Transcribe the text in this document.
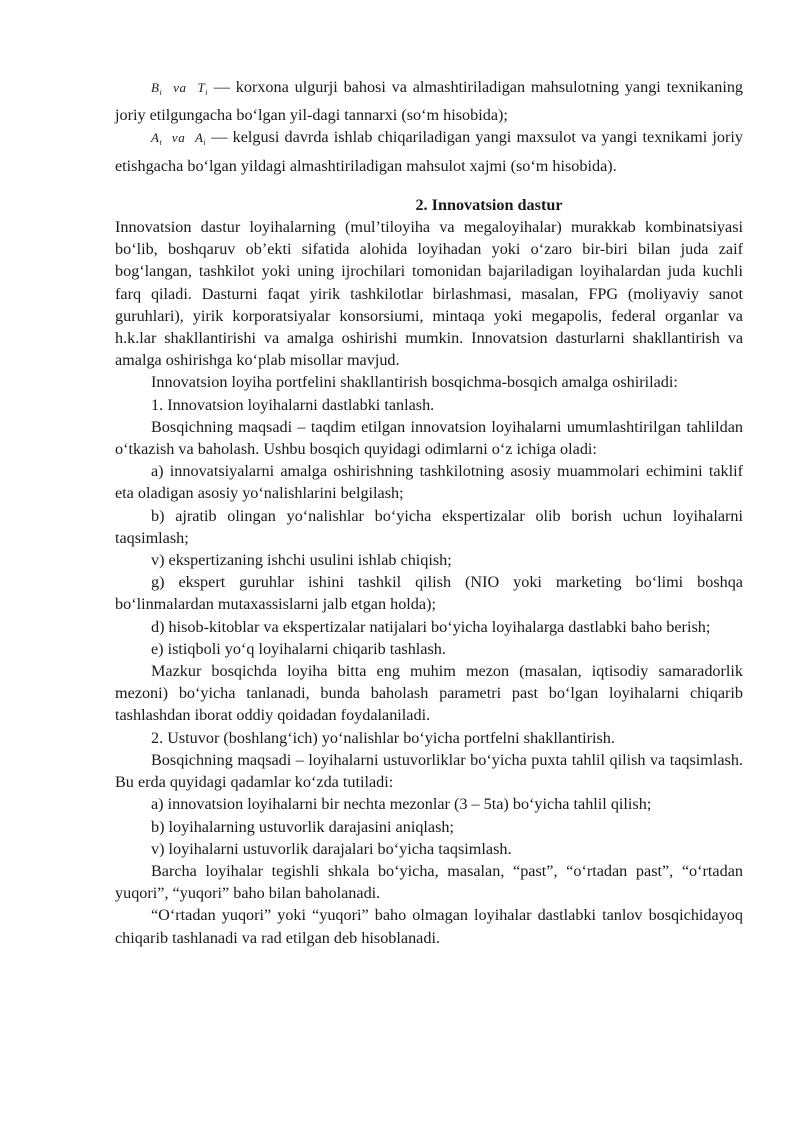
$B_i$ va $T_i$ — korxona ulgurji bahosi va almashtiriladigan mahsulotning yangi texnikaning joriy etilgungacha bo‘lgan yil-dagi tannarxi (so‘m hisobida);

$A_t$ va $A_i$ — kelgusi davrda ishlab chiqariladigan yangi maxsulot va yangi texnikami joriy etishgacha bo‘lgan yildagi almashtiriladigan mahsulot xajmi (so‘m hisobida).

2. Innovatsion dastur

Innovatsion dastur loyihalarning (mul’tiloyiha va megaloyihalar) murakkab kombinatsiyasi bo‘lib, boshqaruv ob’ekti sifatida alohida loyihadan yoki o‘zaro bir-biri bilan juda zaif bog‘langan, tashkilot yoki uning ijrochilari tomonidan bajariladigan loyihalardan juda kuchli farq qiladi. Dasturni faqat yirik tashkilotlar birlashmasi, masalan, FPG (moliyaviy sanot guruhlari), yirik korporatsiyalar konsorsiumi, mintaqa yoki megapolis, federal organlar va h.k.lar shakllantirishi va amalga oshirishi mumkin. Innovatsion dasturlarni shakllantirish va amalga oshirishga ko‘plab misollar mavjud.

Innovatsion loyiha portfelini shakllantirish bosqichma-bosqich amalga oshiriladi:

1. Innovatsion loyihalarni dastlabki tanlash.

Bosqichning maqsadi – taqdim etilgan innovatsion loyihalarni umumlashtirilgan tahlildan o‘tkazish va baholash. Ushbu bosqich quyidagi odimlarni o‘z ichiga oladi:

a) innovatsiyalarni amalga oshirishning tashkilotning asosiy muammolari echimini taklif eta oladigan asosiy yo‘nalishlarini belgilash;

b) ajratib olingan yo‘nalishlar bo‘yicha ekspertizalar olib borish uchun loyihalarni taqsimlash;

v) ekspertizaning ishchi usulini ishlab chiqish;

g) ekspert guruhlar ishini tashkil qilish (NIO yoki marketing bo‘limi boshqa bo‘linmalardan mutaxassislarni jalb etgan holda);

d) hisob-kitoblar va ekspertizalar natijalari bo‘yicha loyihalarga dastlabki baho berish;

e) istiqboli yo‘q loyihalarni chiqarib tashlash.

Mazkur bosqichda loyiha bitta eng muhim mezon (masalan, iqtisodiy samaradorlik mezoni) bo‘yicha tanlanadi, bunda baholash parametri past bo‘lgan loyihalarni chiqarib tashlashdan iborat oddiy qoidadan foydalaniladi.

2. Ustuvor (boshlang‘ich) yo‘nalishlar bo‘yicha portfelni shakllantirish.

Bosqichning maqsadi – loyihalarni ustuvorliklar bo‘yicha puxta tahlil qilish va taqsimlash. Bu erda quyidagi qadamlar ko‘zda tutiladi:

a) innovatsion loyihalarni bir nechta mezonlar (3 – 5ta) bo‘yicha tahlil qilish;

b) loyihalarning ustuvorlik darajasini aniqlash;

v) loyihalarni ustuvorlik darajalari bo‘yicha taqsimlash.

Barcha loyihalar tegishli shkala bo‘yicha, masalan, “past”, “o‘rtadan past”, “o‘rtadan yuqori”, “yuqori” baho bilan baholanadi.

“O‘rtadan yuqori” yoki “yuqori” baho olmagan loyihalar dastlabki tanlov bosqichidayoq chiqarib tashlanadi va rad etilgan deb hisoblanadi.
